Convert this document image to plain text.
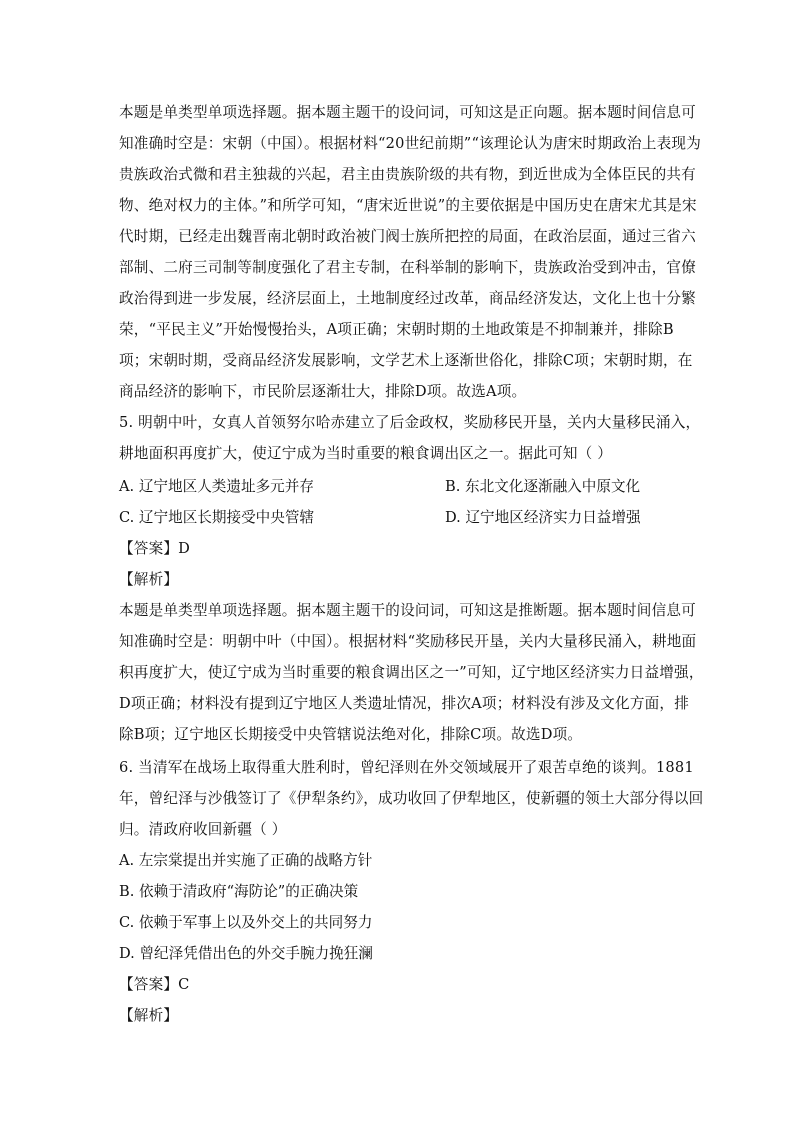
本题是单类型单项选择题。据本题主题干的设问词，可知这是正向题。据本题时间信息可
知准确时空是：宋朝（中国）。根据材料“20世纪前期”“该理论认为唐宋时期政治上表现为
贵族政治式微和君主独裁的兴起，君主由贵族阶级的共有物，到近世成为全体臣民的共有
物、绝对权力的主体。”和所学可知，“唐宋近世说”的主要依据是中国历史在唐宋尤其是宋
代时期，已经走出魏晋南北朝时政治被门阀士族所把控的局面，在政治层面，通过三省六
部制、二府三司制等制度强化了君主专制，在科举制的影响下，贵族政治受到冲击，官僚
政治得到进一步发展，经济层面上，土地制度经过改革，商品经济发达，文化上也十分繁
荣，“平民主义”开始慢慢抬头，A项正确；宋朝时期的土地政策是不抑制兼并，排除B
项；宋朝时期，受商品经济发展影响，文学艺术上逐渐世俗化，排除C项；宋朝时期，在
商品经济的影响下，市民阶层逐渐壮大，排除D项。故选A项。
5. 明朝中叶，女真人首领努尔哈赤建立了后金政权，奖励移民开垦，关内大量移民涌入，
耕地面积再度扩大，使辽宁成为当时重要的粮食调出区之一。据此可知（ ）
A. 辽宁地区人类遗址多元并存	B. 东北文化逐渐融入中原文化
C. 辽宁地区长期接受中央管辖	D. 辽宁地区经济实力日益增强
【答案】D
【解析】
本题是单类型单项选择题。据本题主题干的设问词，可知这是推断题。据本题时间信息可
知准确时空是：明朝中叶（中国）。根据材料“奖励移民开垦，关内大量移民涌入，耕地面
积再度扩大，使辽宁成为当时重要的粮食调出区之一”可知，辽宁地区经济实力日益增强，
D项正确；材料没有提到辽宁地区人类遗址情况，排次A项；材料没有涉及文化方面，排
除B项；辽宁地区长期接受中央管辖说法绝对化，排除C项。故选D项。
6. 当清军在战场上取得重大胜利时，曾纪泽则在外交领域展开了艰苦卓绝的谈判。1881
年，曾纪泽与沙俄签订了《伊犁条约》，成功收回了伊犁地区，使新疆的领土大部分得以回
归。清政府收回新疆（ ）
A. 左宗棠提出并实施了正确的战略方针
B. 依赖于清政府“海防论”的正确决策
C. 依赖于军事上以及外交上的共同努力
D. 曾纪泽凭借出色的外交手腕力挽狂澜
【答案】C
【解析】
